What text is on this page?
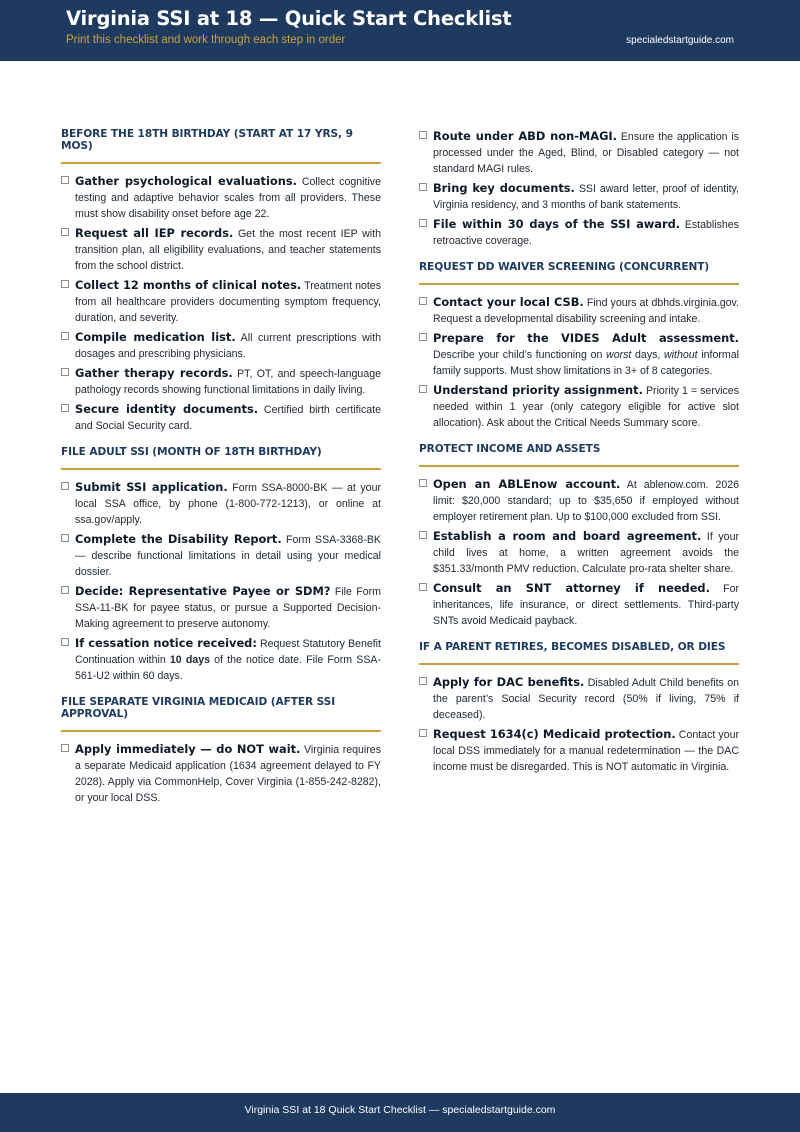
Virginia SSI at 18 — Quick Start Checklist
Print this checklist and work through each step in order	specialedstartguide.com
BEFORE THE 18TH BIRTHDAY (START AT 17 YRS, 9 MOS)
Gather psychological evaluations. Collect cognitive testing and adaptive behavior scales from all providers. These must show disability onset before age 22.
Request all IEP records. Get the most recent IEP with transition plan, all eligibility evaluations, and teacher statements from the school district.
Collect 12 months of clinical notes. Treatment notes from all healthcare providers documenting symptom frequency, duration, and severity.
Compile medication list. All current prescriptions with dosages and prescribing physicians.
Gather therapy records. PT, OT, and speech-language pathology records showing functional limitations in daily living.
Secure identity documents. Certified birth certificate and Social Security card.
FILE ADULT SSI (MONTH OF 18TH BIRTHDAY)
Submit SSI application. Form SSA-8000-BK — at your local SSA office, by phone (1-800-772-1213), or online at ssa.gov/apply.
Complete the Disability Report. Form SSA-3368-BK — describe functional limitations in detail using your medical dossier.
Decide: Representative Payee or SDM? File Form SSA-11-BK for payee status, or pursue a Supported Decision-Making agreement to preserve autonomy.
If cessation notice received: Request Statutory Benefit Continuation within 10 days of the notice date. File Form SSA-561-U2 within 60 days.
FILE SEPARATE VIRGINIA MEDICAID (AFTER SSI APPROVAL)
Apply immediately — do NOT wait. Virginia requires a separate Medicaid application (1634 agreement delayed to FY 2028). Apply via CommonHelp, Cover Virginia (1-855-242-8282), or your local DSS.
Route under ABD non-MAGI. Ensure the application is processed under the Aged, Blind, or Disabled category — not standard MAGI rules.
Bring key documents. SSI award letter, proof of identity, Virginia residency, and 3 months of bank statements.
File within 30 days of the SSI award. Establishes retroactive coverage.
REQUEST DD WAIVER SCREENING (CONCURRENT)
Contact your local CSB. Find yours at dbhds.virginia.gov. Request a developmental disability screening and intake.
Prepare for the VIDES Adult assessment. Describe your child’s functioning on worst days, without informal family supports. Must show limitations in 3+ of 8 categories.
Understand priority assignment. Priority 1 = services needed within 1 year (only category eligible for active slot allocation). Ask about the Critical Needs Summary score.
PROTECT INCOME AND ASSETS
Open an ABLEnow account. At ablenow.com. 2026 limit: $20,000 standard; up to $35,650 if employed without employer retirement plan. Up to $100,000 excluded from SSI.
Establish a room and board agreement. If your child lives at home, a written agreement avoids the $351.33/month PMV reduction. Calculate pro-rata shelter share.
Consult an SNT attorney if needed. For inheritances, life insurance, or direct settlements. Third-party SNTs avoid Medicaid payback.
IF A PARENT RETIRES, BECOMES DISABLED, OR DIES
Apply for DAC benefits. Disabled Adult Child benefits on the parent’s Social Security record (50% if living, 75% if deceased).
Request 1634(c) Medicaid protection. Contact your local DSS immediately for a manual redetermination — the DAC income must be disregarded. This is NOT automatic in Virginia.
Virginia SSI at 18 Quick Start Checklist — specialedstartguide.com
